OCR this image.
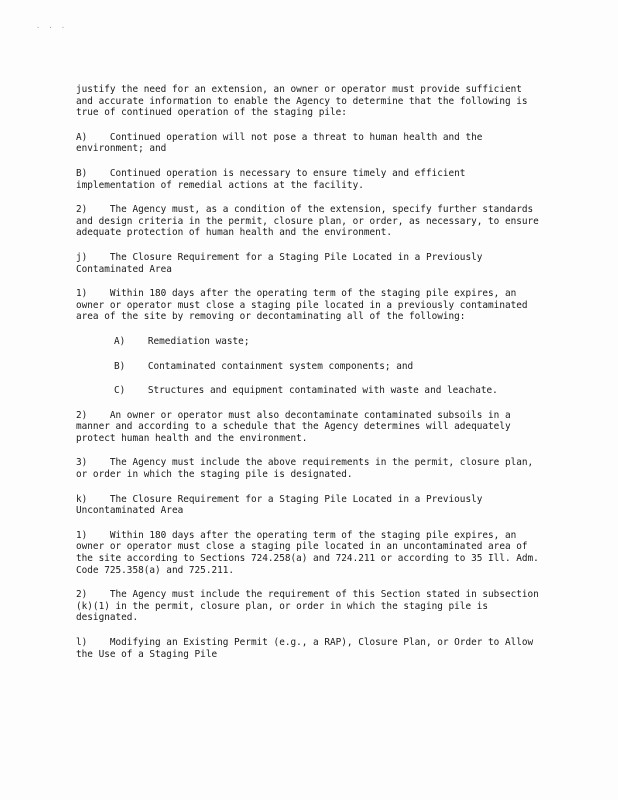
· · ·

justify the need for an extension, an owner or operator must provide sufficient and accurate information to enable the Agency to determine that the following is true of continued operation of the staging pile:

A)    Continued operation will not pose a threat to human health and the environment; and

B)    Continued operation is necessary to ensure timely and efficient implementation of remedial actions at the facility.

2)    The Agency must, as a condition of the extension, specify further standards and design criteria in the permit, closure plan, or order, as necessary, to ensure adequate protection of human health and the environment.

j)    The Closure Requirement for a Staging Pile Located in a Previously Contaminated Area

1)    Within 180 days after the operating term of the staging pile expires, an owner or operator must close a staging pile located in a previously contaminated area of the site by removing or decontaminating all of the following:

A)    Remediation waste;

B)    Contaminated containment system components; and

C)    Structures and equipment contaminated with waste and leachate.

2)    An owner or operator must also decontaminate contaminated subsoils in a manner and according to a schedule that the Agency determines will adequately protect human health and the environment.

3)    The Agency must include the above requirements in the permit, closure plan, or order in which the staging pile is designated.

k)    The Closure Requirement for a Staging Pile Located in a Previously Uncontaminated Area

1)    Within 180 days after the operating term of the staging pile expires, an owner or operator must close a staging pile located in an uncontaminated area of the site according to Sections 724.258(a) and 724.211 or according to 35 Ill. Adm. Code 725.358(a) and 725.211.

2)    The Agency must include the requirement of this Section stated in subsection (k)(1) in the permit, closure plan, or order in which the staging pile is designated.

l)    Modifying an Existing Permit (e.g., a RAP), Closure Plan, or Order to Allow the Use of a Staging Pile
